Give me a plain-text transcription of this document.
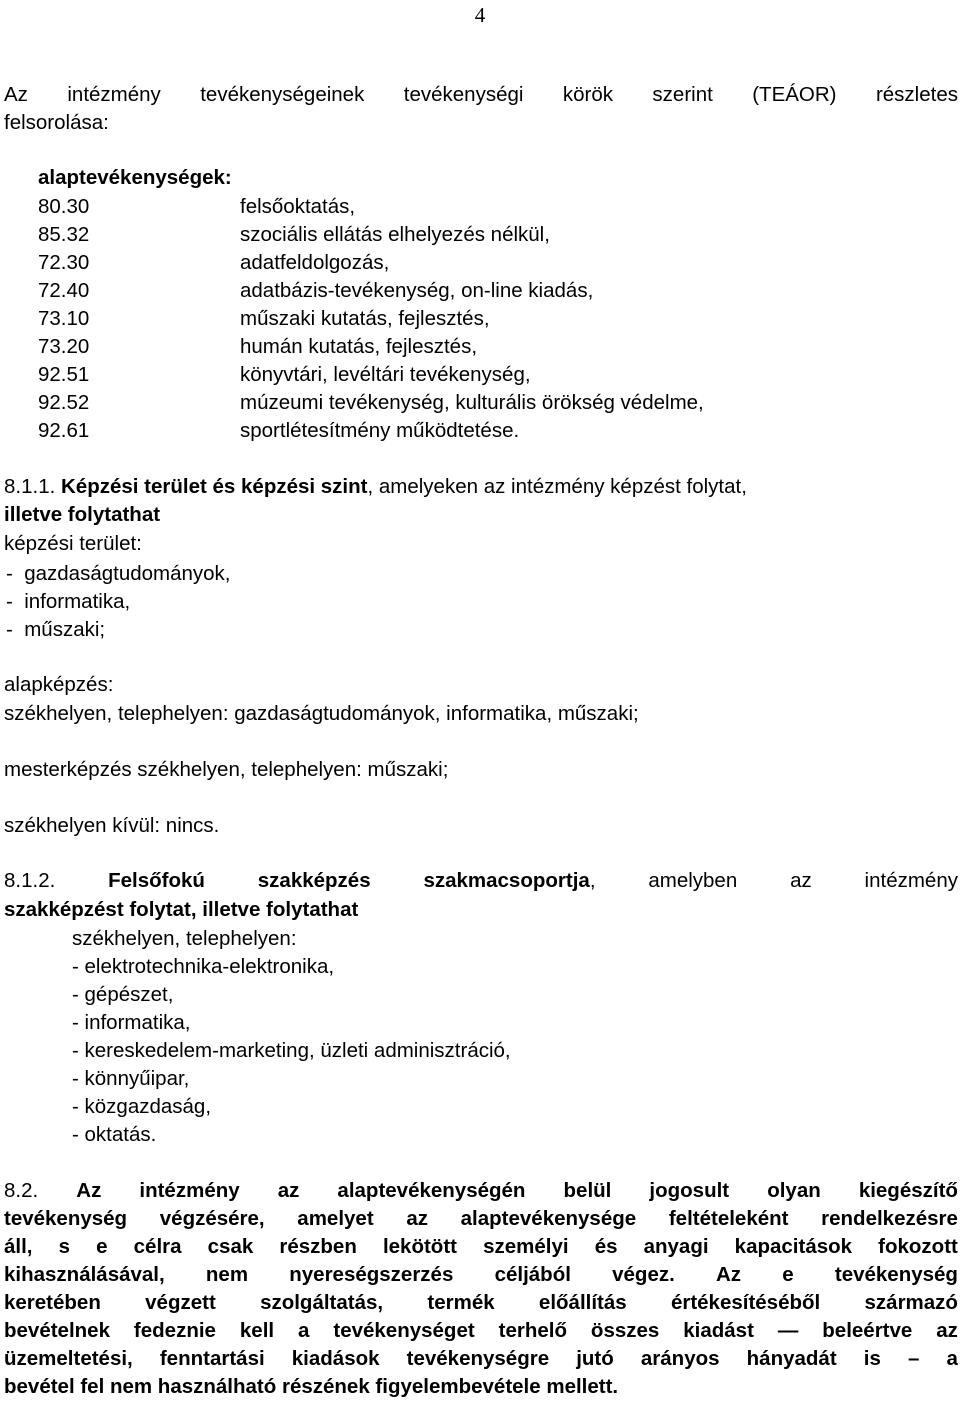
4
Az intézmény tevékenységeinek tevékenységi körök szerint (TEÁOR) részletes
felsorolása:
alaptevékenységek:
80.30	felsőoktatás,
85.32	szociális ellátás elhelyezés nélkül,
72.30	adatfeldolgozás,
72.40	adatbázis-tevékenység, on-line kiadás,
73.10	műszaki kutatás, fejlesztés,
73.20	humán kutatás, fejlesztés,
92.51	könyvtári, levéltári tevékenység,
92.52	múzeumi tevékenység, kulturális örökség védelme,
92.61	sportlétesítmény működtetése.
8.1.1. Képzési terület és képzési szint, amelyeken az intézmény képzést folytat,
illetve folytathat
képzési terület:
-  gazdaságtudományok,
-  informatika,
-  műszaki;
alapképzés:
székhelyen, telephelyen: gazdaságtudományok, informatika, műszaki;
mesterképzés székhelyen, telephelyen: műszaki;
székhelyen kívül: nincs.
8.1.2.	Felsőfokú	szakképzés	szakmacsoportja,	amelyben	az	intézmény
szakképzést folytat, illetve folytathat
székhelyen, telephelyen:
- elektrotechnika-elektronika,
- gépészet,
- informatika,
- kereskedelem-marketing, üzleti adminisztráció,
- könnyűipar,
- közgazdaság,
- oktatás.
8.2. Az intézmény az alaptevékenységén belül jogosult olyan kiegészítő
tevékenység végzésére, amelyet az alaptevékenysége feltételeként rendelkezésre
áll, s e célra csak részben lekötött személyi és anyagi kapacitások fokozott
kihasználásával, nem nyereségszerzés céljából végez. Az e tevékenység
keretében végzett szolgáltatás, termék előállítás értékesítéséből származó
bevételnek fedeznie kell a tevékenységet terhelő összes kiadást — beleértve az
üzemeltetési, fenntartási kiadások tevékenységre jutó arányos hányadát is – a
bevétel fel nem használható részének figyelembevétele mellett.
